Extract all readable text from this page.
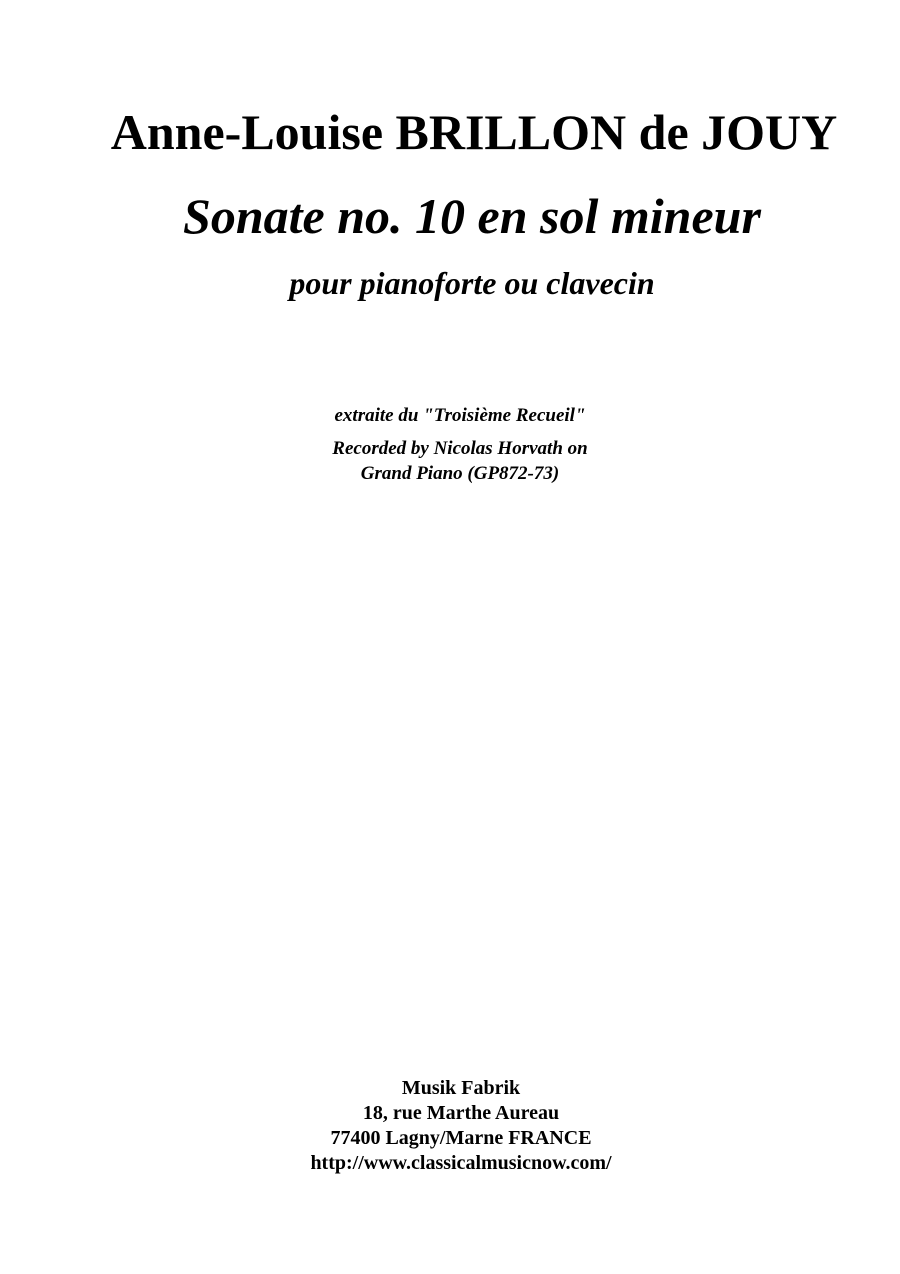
Anne-Louise BRILLON de JOUY
Sonate no. 10 en sol mineur
pour pianoforte ou clavecin
extraite du "Troisième Recueil"
Recorded by Nicolas Horvath on
Grand Piano (GP872-73)
Musik Fabrik
18, rue Marthe Aureau
77400 Lagny/Marne FRANCE
http://www.classicalmusicnow.com/
